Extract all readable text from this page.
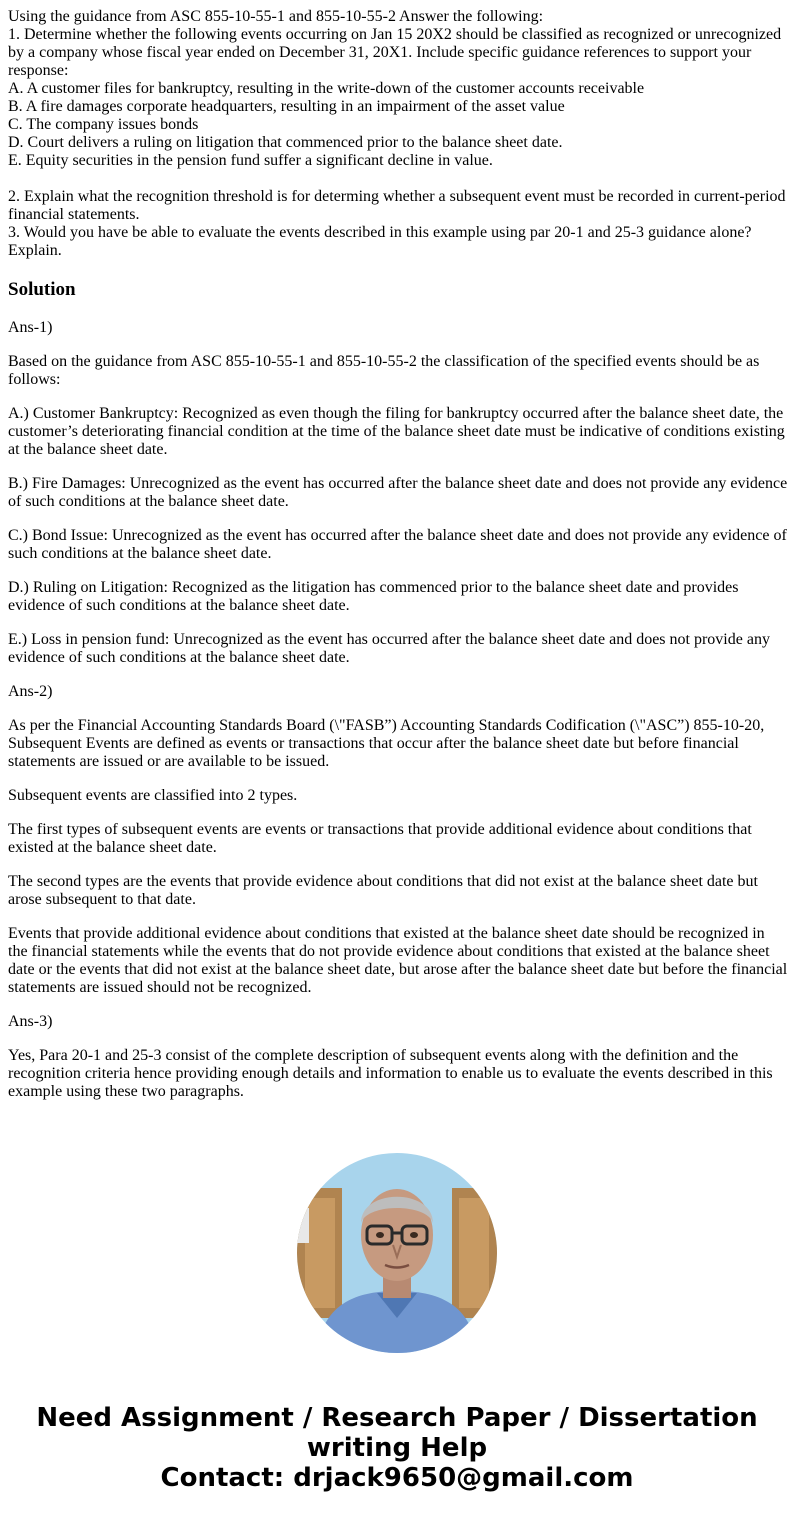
Using the guidance from ASC 855-10-55-1 and 855-10-55-2 Answer the following:

1. Determine whether the following events occurring on Jan 15 20X2 should be classified as recognized or unrecognized by a company whose fiscal year ended on December 31, 20X1. Include specific guidance references to support your response:

A. A customer files for bankruptcy, resulting in the write-down of the customer accounts receivable

B. A fire damages corporate headquarters, resulting in an impairment of the asset value

C. The company issues bonds

D. Court delivers a ruling on litigation that commenced prior to the balance sheet date.

E. Equity securities in the pension fund suffer a significant decline in value.

2. Explain what the recognition threshold is for determing whether a subsequent event must be recorded in current-period financial statements.

3. Would you have be able to evaluate the events described in this example using par 20-1 and 25-3 guidance alone? Explain.

Solution

Ans-1)

Based on the guidance from ASC 855-10-55-1 and 855-10-55-2 the classification of the specified events should be as follows:

A.) Customer Bankruptcy: Recognized as even though the filing for bankruptcy occurred after the balance sheet date, the customer’s deteriorating financial condition at the time of the balance sheet date must be indicative of conditions existing at the balance sheet date.

B.) Fire Damages: Unrecognized as the event has occurred after the balance sheet date and does not provide any evidence of such conditions at the balance sheet date.

C.) Bond Issue: Unrecognized as the event has occurred after the balance sheet date and does not provide any evidence of such conditions at the balance sheet date.

D.) Ruling on Litigation: Recognized as the litigation has commenced prior to the balance sheet date and provides evidence of such conditions at the balance sheet date.

E.) Loss in pension fund: Unrecognized as the event has occurred after the balance sheet date and does not provide any evidence of such conditions at the balance sheet date.

Ans-2)

As per the Financial Accounting Standards Board (\"FASB”) Accounting Standards Codification (\"ASC”) 855-10-20, Subsequent Events are defined as events or transactions that occur after the balance sheet date but before financial statements are issued or are available to be issued.

Subsequent events are classified into 2 types.

The first types of subsequent events are events or transactions that provide additional evidence about conditions that existed at the balance sheet date.

The second types are the events that provide evidence about conditions that did not exist at the balance sheet date but arose subsequent to that date.

Events that provide additional evidence about conditions that existed at the balance sheet date should be recognized in the financial statements while the events that do not provide evidence about conditions that existed at the balance sheet date or the events that did not exist at the balance sheet date, but arose after the balance sheet date but before the financial statements are issued should not be recognized.

Ans-3)

Yes, Para 20-1 and 25-3 consist of the complete description of subsequent events along with the definition and the recognition criteria hence providing enough details and information to enable us to evaluate the events described in this example using these two paragraphs.

Need Assignment / Research Paper / Dissertation
writing Help
Contact: drjack9650@gmail.com
